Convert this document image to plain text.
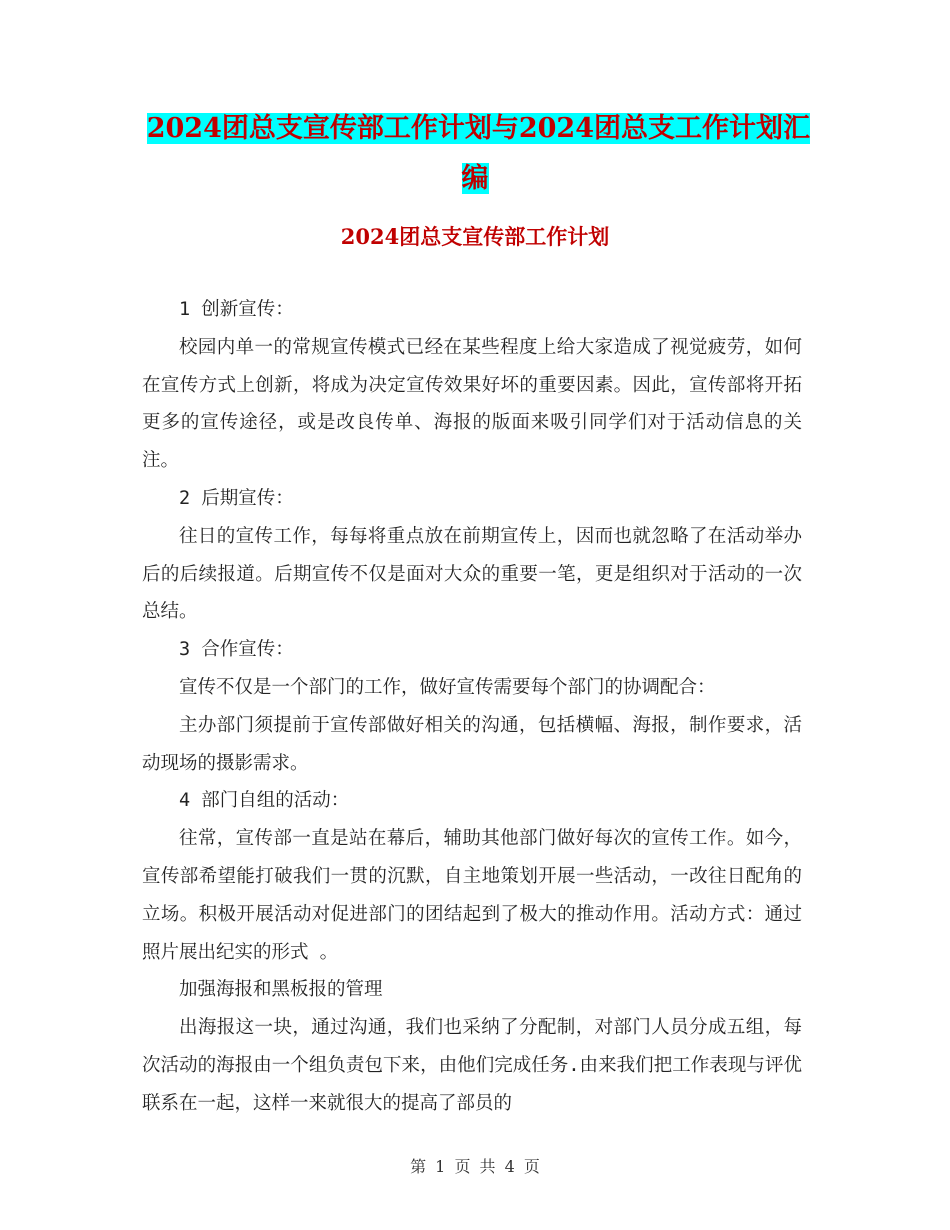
2024团总支宣传部工作计划与2024团总支工作计划汇
编
2024团总支宣传部工作计划

1 创新宣传：

校园内单一的常规宣传模式已经在某些程度上给大家造成了视觉疲劳，如何在宣传方式上创新，将成为决定宣传效果好坏的重要因素。因此，宣传部将开拓更多的宣传途径，或是改良传单、海报的版面来吸引同学们对于活动信息的关注。

2 后期宣传：

往日的宣传工作，每每将重点放在前期宣传上，因而也就忽略了在活动举办后的后续报道。后期宣传不仅是面对大众的重要一笔，更是组织对于活动的一次总结。

3 合作宣传：

宣传不仅是一个部门的工作，做好宣传需要每个部门的协调配合：

主办部门须提前于宣传部做好相关的沟通，包括横幅、海报，制作要求，活动现场的摄影需求。

4 部门自组的活动：

往常，宣传部一直是站在幕后，辅助其他部门做好每次的宣传工作。如今，宣传部希望能打破我们一贯的沉默，自主地策划开展一些活动，一改往日配角的立场。积极开展活动对促进部门的团结起到了极大的推动作用。活动方式：通过照片展出纪实的形式 。

加强海报和黑板报的管理

出海报这一块，通过沟通，我们也采纳了分配制，对部门人员分成五组，每次活动的海报由一个组负责包下来，由他们完成任务.由来我们把工作表现与评优联系在一起，这样一来就很大的提高了部员的

第 1 页 共 4 页
